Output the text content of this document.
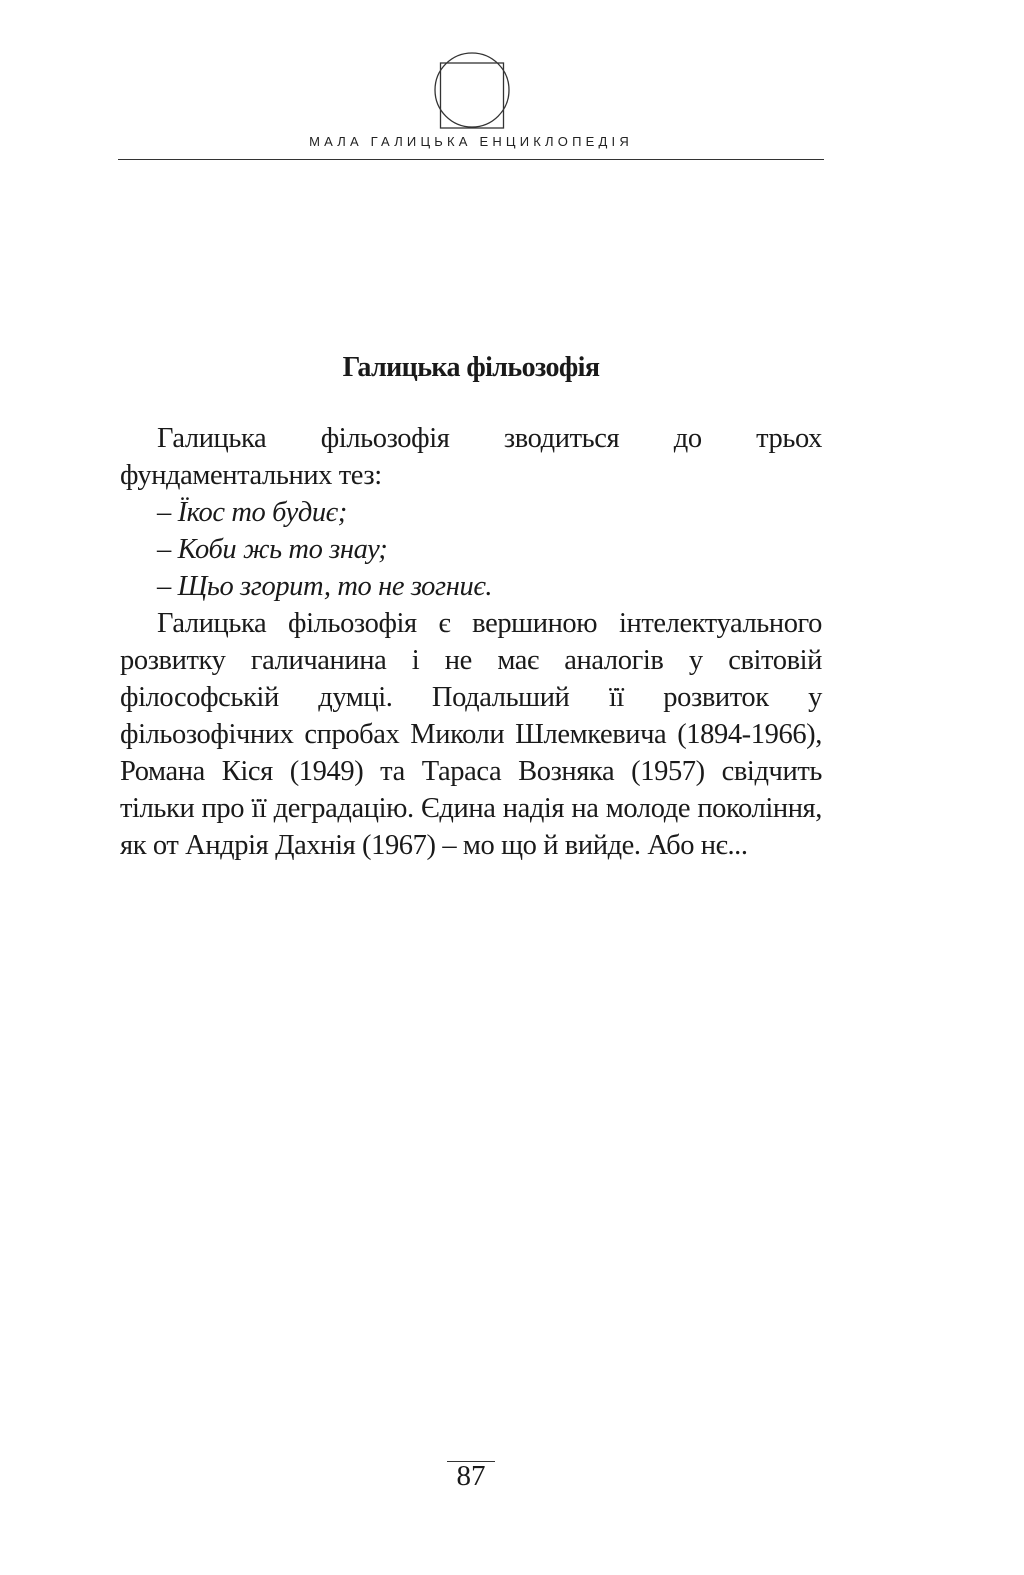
МАЛА ГАЛИЦЬКА ЕНЦИКЛОПЕДІЯ
Галицька фільозофія

Галицька фільозофія зводиться до трьох фундаментальних тез:

– Їкос то будиє;

– Коби жь то знау;

– Щьо згорит, то не зогниє.

Галицька фільозофія є вершиною інтелектуального розвитку галичанина і не має аналогів у світовій філософській думці. Подальший її розвиток у фільозофічних спробах Миколи Шлемкевича (1894-1966), Романа Кіся (1949) та Тараса Возняка (1957) свідчить тільки про її деградацію. Єдина надія на молоде покоління, як от Андрія Дахнія (1967) – мо що й вийде. Або нє...

87
